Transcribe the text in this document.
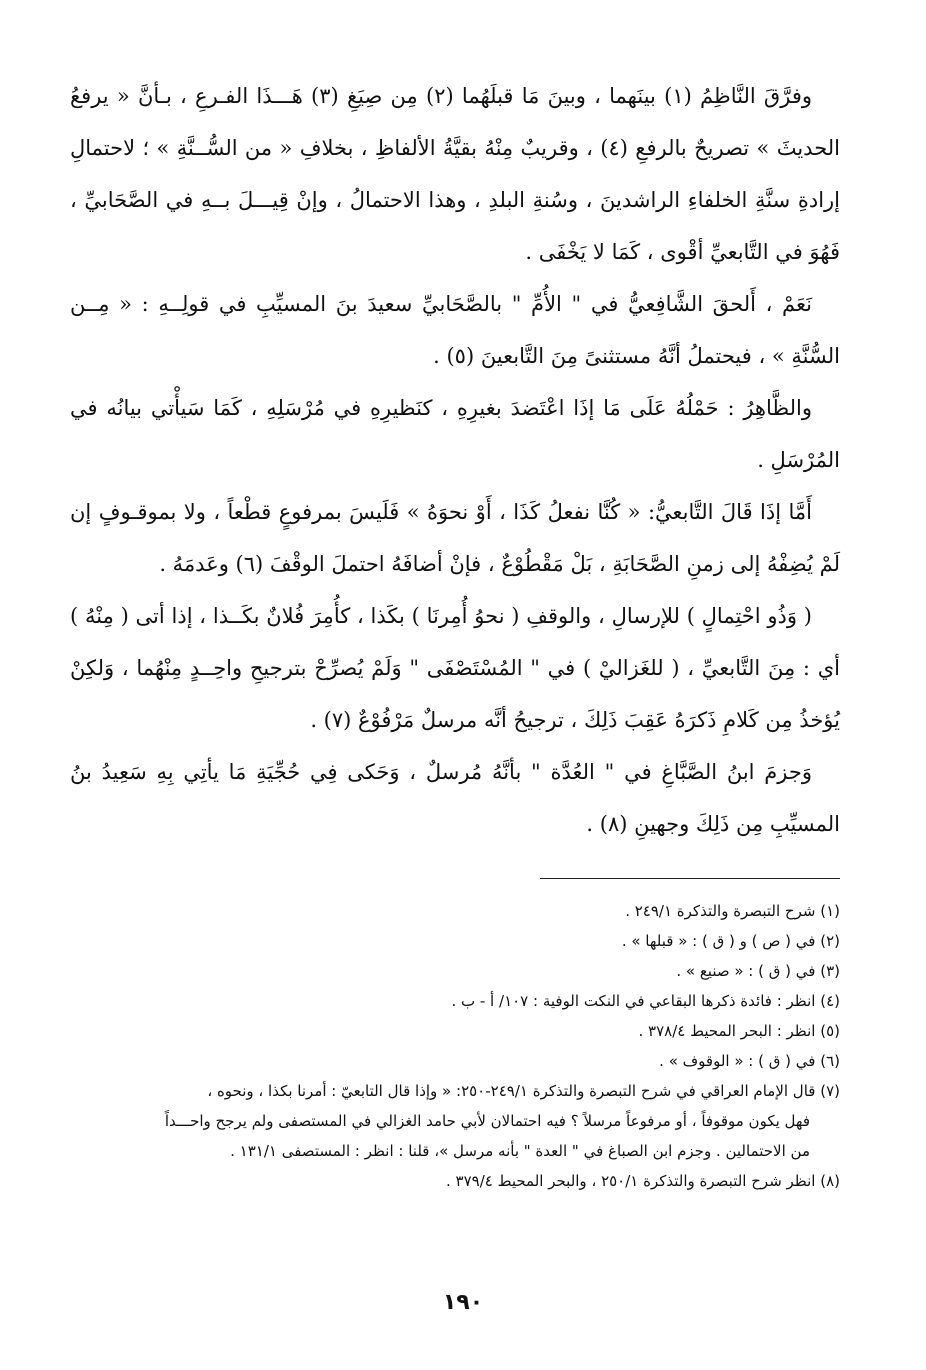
وفرَّقَ النَّاظِمُ (١) بينَهما ، وبينَ مَا قبلَهُما (٢) مِن صِيَغِ (٣) هَـــذَا الفـرعِ ، بـأنَّ « يرفعُ الحديثَ » تصريحٌ بالرفعِ (٤) ، وقريبٌ مِنْهُ بقيَّةُ الألفاظِ ، بخلافِ « من السُّــنَّةِ » ؛ لاحتمالِ إرادةِ سنَّةِ الخلفاءِ الراشدينَ ، وسُنةِ البلدِ ، وهذا الاحتمالُ ، وإنْ قِيـــلَ بــهِ في الصَّحَابيِّ ، فَهُوَ في التَّابعيِّ أقْوى ، كَمَا لا يَخْفَى .

نَعَمْ ، أَلحقَ الشَّافِعيُّ في " الأُمِّ " بالصَّحَابيِّ سعيدَ بنَ المسيِّبِ في قولِــهِ : « مِــن السُّنَّةِ » ، فيحتملُ أنَّهُ مستثنىً مِنَ التَّابعينَ (٥) .

والظَّاهِرُ : حَمْلُهُ عَلَى مَا إذَا اعْتَضدَ بغيرِهِ ، كنَظيرِهِ في مُرْسَلِهِ ، كَمَا سَيأْتي بيانُه في المُرْسَلِ .

أَمَّا إذَا قَالَ التَّابعيُّ: « كُنَّا نفعلُ كَذَا ، أَوْ نحوَهُ » فَلَيسَ بمرفوعٍ قطْعاً ، ولا بموقـوفٍ إن لَمْ يُضِفْهُ إلى زمنِ الصَّحَابَةِ ، بَلْ مَقْطُوْعٌ ، فإنْ أضافَهُ احتملَ الوقْفَ (٦) وعَدمَهُ .

( وَذُو احْتِمالٍ ) للإرسالِ ، والوقفِ ( نحوُ أُمِرنَا ) بكَذا ، كأُمِرَ فُلانٌ بكَــذا ، إذا أتى ( مِنْهُ ) أي : مِنَ التَّابعيِّ ، ( للغَزاليْ ) في " المُسْتَصْفَى " وَلَمْ يُصرِّحْ بترجيحِ واحِــدٍ مِنْهُما ، وَلكِنْ يُؤخذُ مِن كَلامِ ذَكرَهُ عَقِبَ ذَلِكَ ، ترجيحُ أنَّه مرسلٌ مَرْفُوْعٌ (٧) .

وَجزمَ ابنُ الصَّبَّاغِ في " العُدَّة " بأنَّهُ مُرسلٌ ، وَحَكى فِي حُجِّيَةِ مَا يأتِي بِهِ سَعِيدُ بنُ المسيِّبِ مِن ذَلِكَ وجهينِ (٨) .

(١) شرح التبصرة والتذكرة ٢٤٩/١ .

(٢) في ( ص ) و ( ق ) : « قبلها » .

(٣) في ( ق ) : « صنيع » .

(٤) انظر : فائدة ذكرها البقاعي في النكت الوفية : ١٠٧/ أ - ب .

(٥) انظر : البحر المحيط ٣٧٨/٤ .

(٦) في ( ق ) : « الوقوف » .

(٧) قال الإمام العراقي في شرح التبصرة والتذكرة ٢٤٩/١-٢٥٠: « وإذا قال التابعيّ : أمرنا بكذا ، ونحوه ،

فهل يكون موقوفاً ، أو مرفوعاً مرسلاً ؟ فيه احتمالان لأبي حامد الغزالي في المستصفى ولم يرجح واحـــداً

من الاحتمالين . وجزم ابن الصباغ في " العدة " بأنه مرسل »، قلنا : انظر : المستصفى ١٣١/١ .

(٨) انظر شرح التبصرة والتذكرة ٢٥٠/١ ، والبحر المحيط ٣٧٩/٤ .

١٩٠
